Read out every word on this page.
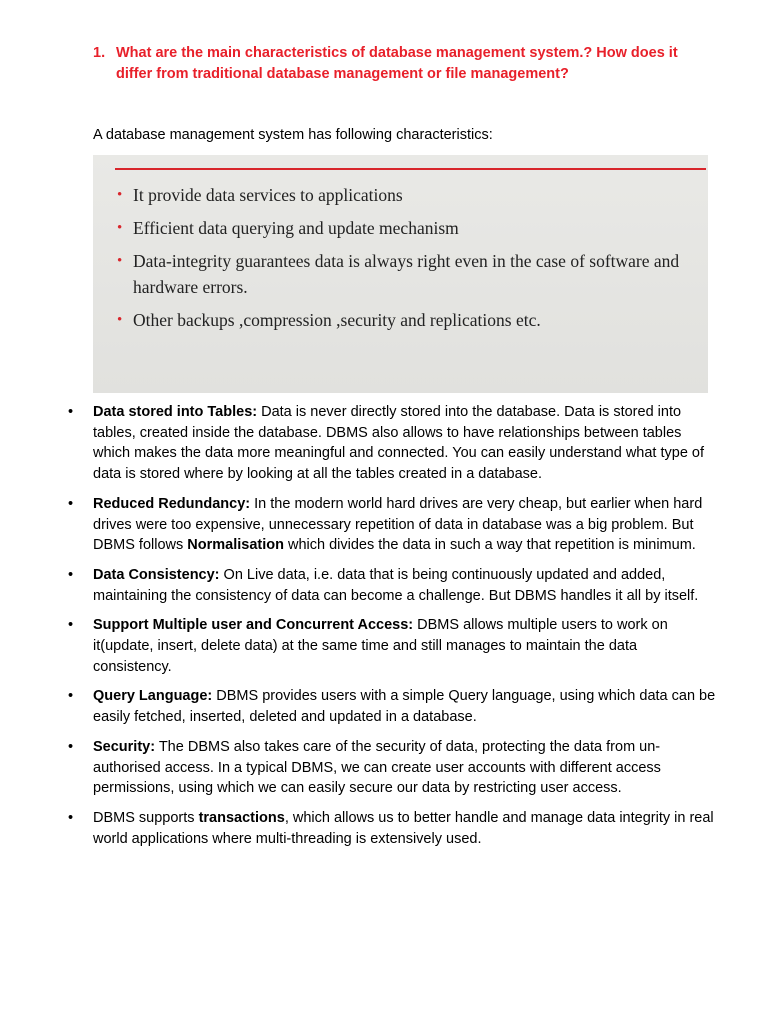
1. What are the main characteristics of database management system.? How does it differ from traditional database management or file management?
A database management system has following characteristics:
• It provide data services to applications
• Efficient data querying and update mechanism
• Data-integrity guarantees data is always right even in the case of software and hardware errors.
• Other backups ,compression ,security and replications etc.
• Data stored into Tables: Data is never directly stored into the database. Data is stored into tables, created inside the database. DBMS also allows to have relationships between tables which makes the data more meaningful and connected. You can easily understand what type of data is stored where by looking at all the tables created in a database.
• Reduced Redundancy: In the modern world hard drives are very cheap, but earlier when hard drives were too expensive, unnecessary repetition of data in database was a big problem. But DBMS follows Normalisation which divides the data in such a way that repetition is minimum.
• Data Consistency: On Live data, i.e. data that is being continuously updated and added, maintaining the consistency of data can become a challenge. But DBMS handles it all by itself.
• Support Multiple user and Concurrent Access: DBMS allows multiple users to work on it(update, insert, delete data) at the same time and still manages to maintain the data consistency.
• Query Language: DBMS provides users with a simple Query language, using which data can be easily fetched, inserted, deleted and updated in a database.
• Security: The DBMS also takes care of the security of data, protecting the data from un-authorised access. In a typical DBMS, we can create user accounts with different access permissions, using which we can easily secure our data by restricting user access.
• DBMS supports transactions, which allows us to better handle and manage data integrity in real world applications where multi-threading is extensively used.
